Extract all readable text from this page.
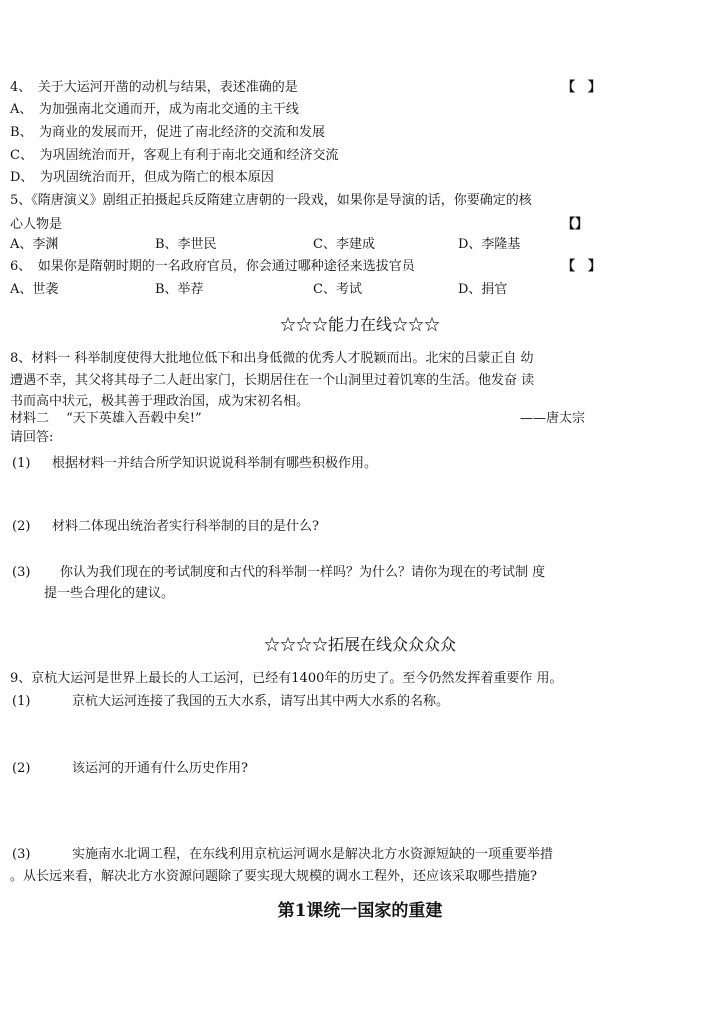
4、　关于大运河开凿的动机与结果，表述准确的是	【　】
A、　为加强南北交通而开，成为南北交通的主干线
B、　为商业的发展而开，促进了南北经济的交流和发展
C、　为巩固统治而开，客观上有利于南北交通和经济交流
D、　为巩固统治而开，但成为隋亡的根本原因
5、《隋唐演义》剧组正拍摄起兵反隋建立唐朝的一段戏，如果你是导演的话，你要确定的核
心人物是	【】
A、李渊	B、李世民	C、李建成	D、李隆基
6、　如果你是隋朝时期的一名政府官员，你会通过哪种途径来选拔官员	【　】
A、世袭	B、举荐	C、考试	D、捐官
☆☆☆能力在线☆☆☆
8、材料一 科举制度使得大批地位低下和出身低微的优秀人才脱颖而出。北宋的吕蒙正自 幼
遭遇不幸，其父将其母子二人赶出家门，长期居住在一个山洞里过着饥寒的生活。他发奋 读
书而高中状元，极其善于理政治国，成为宋初名相。
材料二　 “天下英雄入吾毂中矣!”	——唐太宗
请回答:
(1) 根据材料一并结合所学知识说说科举制有哪些积极作用。
(2) 材料二体现出统治者实行科举制的目的是什么?
(3) 你认为我们现在的考试制度和古代的科举制一样吗？为什么？请你为现在的考试制 度
提一些合理化的建议。
☆☆☆☆拓展在线众众众众
9、京杭大运河是世界上最长的人工运河，已经有1400年的历史了。至今仍然发挥着重要作 用。
(1)	京杭大运河连接了我国的五大水系，请写出其中两大水系的名称。
(2)	该运河的开通有什么历史作用?
(3)	实施南水北调工程，在东线利用京杭运河调水是解决北方水资源短缺的一项重要举措
。从长远来看，解决北方水资源问题除了要实现大规模的调水工程外，还应该采取哪些措施?
第1课统一国家的重建
